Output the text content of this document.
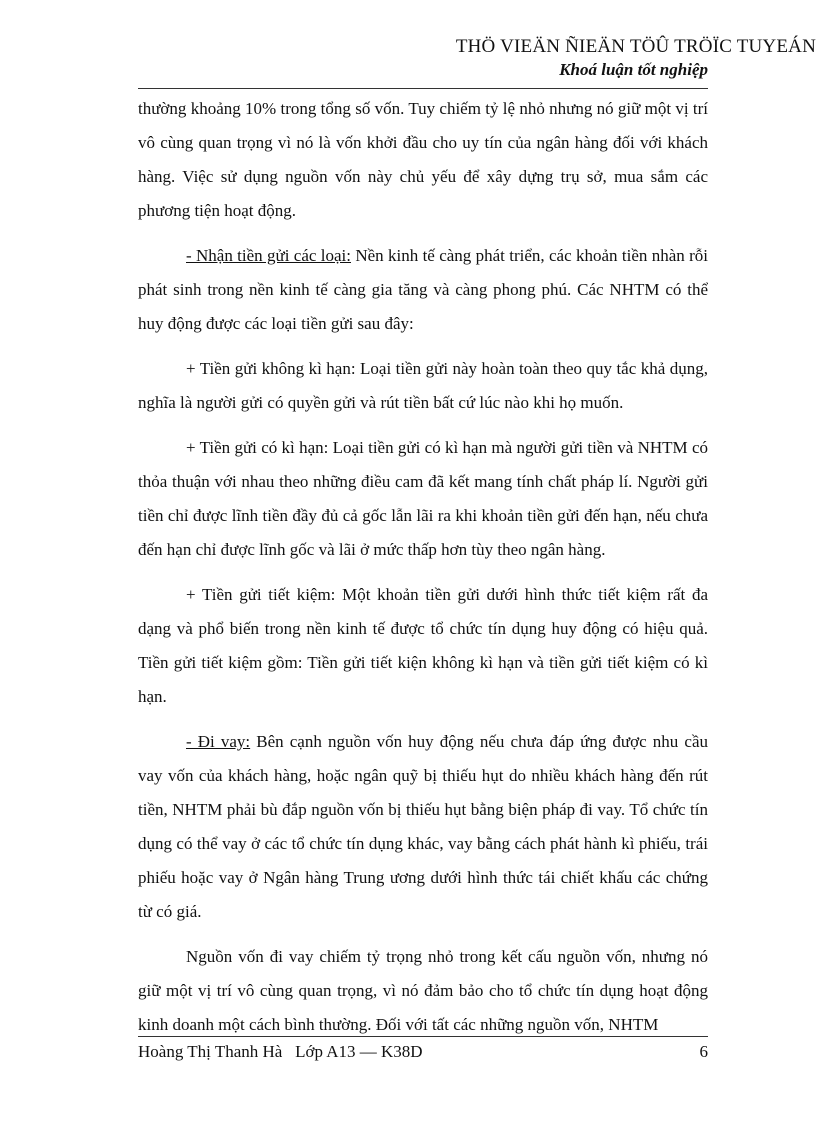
THÖ VIEÄN ÑIEÄN TÖÛ TRÖÏC TUYEÁN
Khoá luận tốt nghiệp

thường khoảng 10% trong tổng số vốn. Tuy chiếm tỷ lệ nhỏ nhưng nó giữ một vị trí vô cùng quan trọng vì nó là vốn khởi đầu cho uy tín của ngân hàng đối với khách hàng. Việc sử dụng nguồn vốn này chủ yếu để xây dựng trụ sở, mua sắm các phương tiện hoạt động.

- Nhận tiền gửi các loại: Nền kinh tế càng phát triển, các khoản tiền nhàn rỗi phát sinh trong nền kinh tế càng gia tăng và càng phong phú. Các NHTM có thể huy động được các loại tiền gửi sau đây:

+ Tiền gửi không kì hạn: Loại tiền gửi này hoàn toàn theo quy tắc khả dụng, nghĩa là người gửi có quyền gửi và rút tiền bất cứ lúc nào khi họ muốn.

+ Tiền gửi có kì hạn: Loại tiền gửi có kì hạn mà người gửi tiền và NHTM có thỏa thuận với nhau theo những điều cam đã kết mang tính chất pháp lí. Người gửi tiền chỉ được lĩnh tiền đầy đủ cả gốc lẫn lãi ra khi khoản tiền gửi đến hạn, nếu chưa đến hạn chỉ được lĩnh gốc và lãi ở mức thấp hơn tùy theo ngân hàng.

+ Tiền gửi tiết kiệm: Một khoản tiền gửi dưới hình thức tiết kiệm rất đa dạng và phổ biến trong nền kinh tế được tổ chức tín dụng huy động có hiệu quả. Tiền gửi tiết kiệm gồm: Tiền gửi tiết kiện không kì hạn và tiền gửi tiết kiệm có kì hạn.

- Đi vay: Bên cạnh nguồn vốn huy động nếu chưa đáp ứng được nhu cầu vay vốn của khách hàng, hoặc ngân quỹ bị thiếu hụt do nhiều khách hàng đến rút tiền, NHTM phải bù đắp nguồn vốn bị thiếu hụt bằng biện pháp đi vay. Tổ chức tín dụng có thể vay ở các tổ chức tín dụng khác, vay bằng cách phát hành kì phiếu, trái phiếu hoặc vay ở Ngân hàng Trung ương dưới hình thức tái chiết khấu các chứng từ có giá.

Nguồn vốn đi vay chiếm tỷ trọng nhỏ trong kết cấu nguồn vốn, nhưng nó giữ một vị trí vô cùng quan trọng, vì nó đảm bảo cho tổ chức tín dụng hoạt động kinh doanh một cách bình thường. Đối với tất các những nguồn vốn, NHTM

Hoàng Thị Thanh Hà   Lớp A13 — K38D	6
